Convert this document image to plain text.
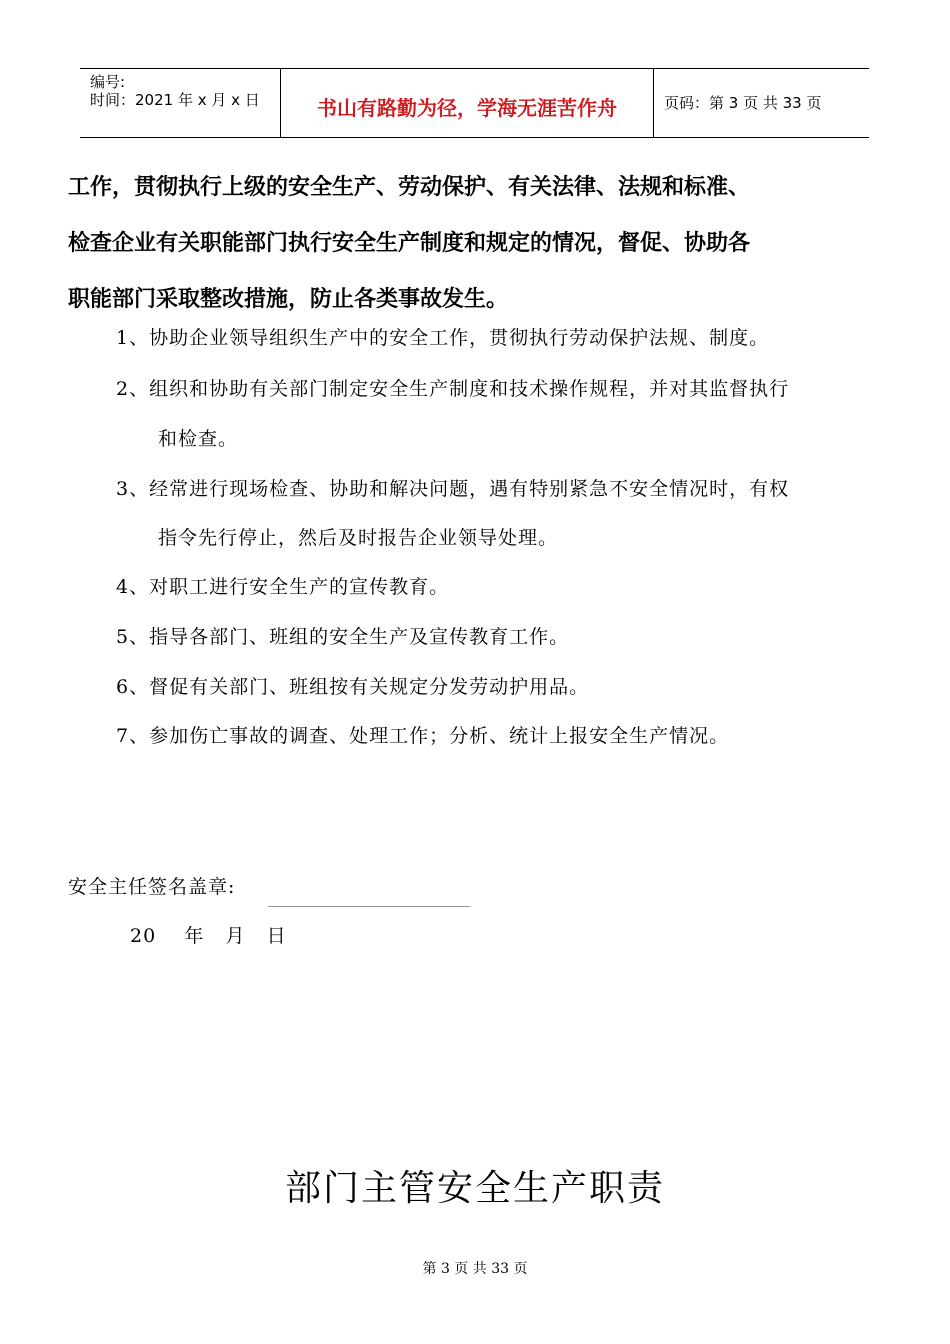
编号:
时间：2021 年 x 月 x 日	书山有路勤为径，学海无涯苦作舟	页码：第 3 页 共 33 页
工作，贯彻执行上级的安全生产、劳动保护、有关法律、法规和标准、
检查企业有关职能部门执行安全生产制度和规定的情况，督促、协助各
职能部门采取整改措施，防止各类事故发生。
1、协助企业领导组织生产中的安全工作，贯彻执行劳动保护法规、制度。
2、组织和协助有关部门制定安全生产制度和技术操作规程，并对其监督执行
和检查。
3、经常进行现场检查、协助和解决问题，遇有特别紧急不安全情况时，有权
指令先行停止，然后及时报告企业领导处理。
4、对职工进行安全生产的宣传教育。
5、指导各部门、班组的安全生产及宣传教育工作。
6、督促有关部门、班组按有关规定分发劳动护用品。
7、参加伤亡事故的调查、处理工作；分析、统计上报安全生产情况。
安全主任签名盖章:
20    年   月   日
部门主管安全生产职责
第 3 页 共 33 页
